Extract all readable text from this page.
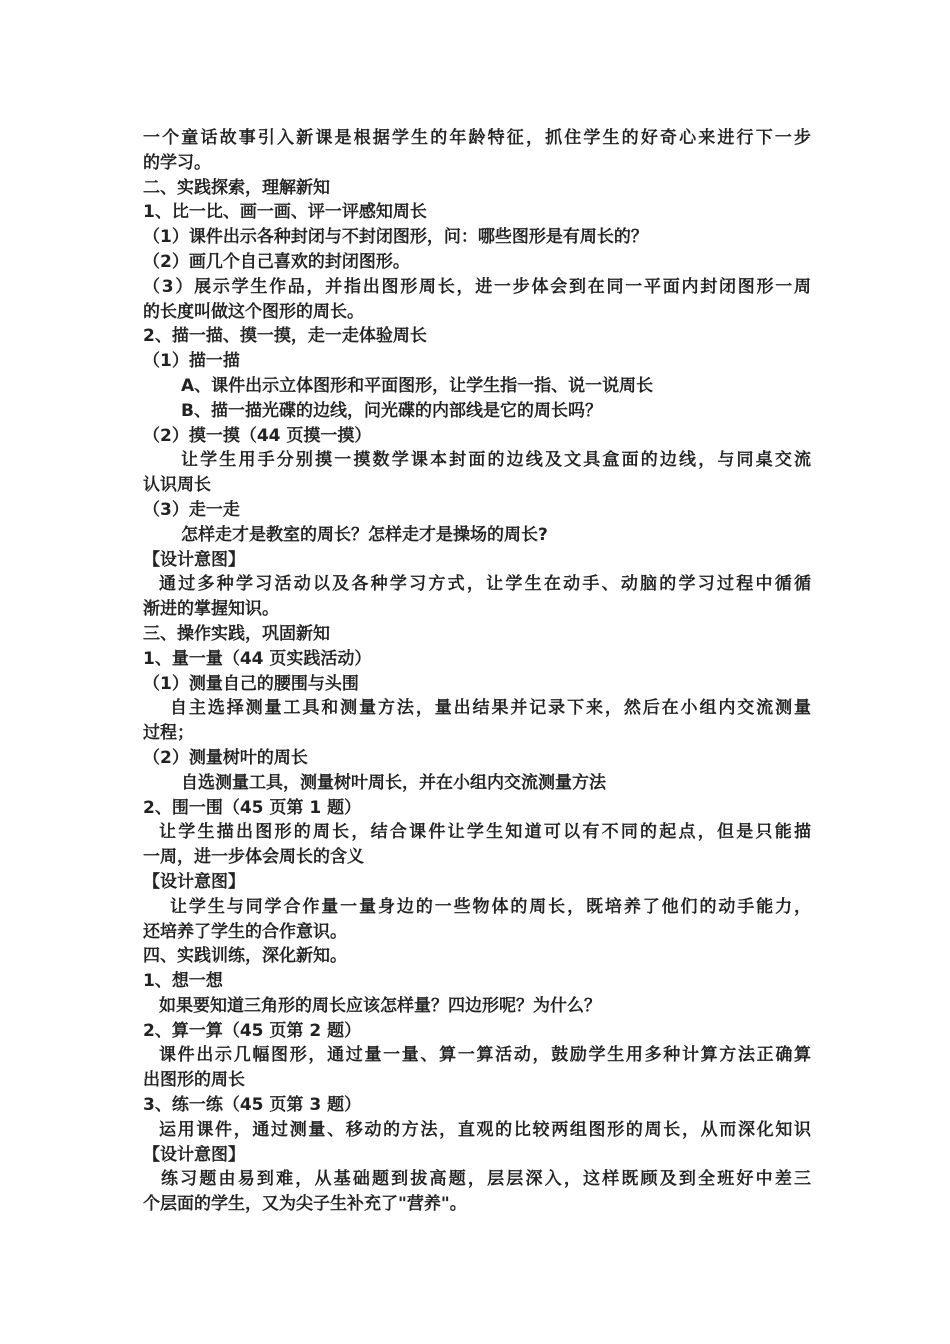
一个童话故事引入新课是根据学生的年龄特征，抓住学生的好奇心来进行下一步
的学习。
二、实践探索，理解新知
1、比一比、画一画、评一评感知周长
（1）课件出示各种封闭与不封闭图形，问：哪些图形是有周长的？
（2）画几个自己喜欢的封闭图形。
（3）展示学生作品，并指出图形周长，进一步体会到在同一平面内封闭图形一周
的长度叫做这个图形的周长。
2、描一描、摸一摸，走一走体验周长
（1）描一描
A、课件出示立体图形和平面图形，让学生指一指、说一说周长
B、描一描光碟的边线，问光碟的内部线是它的周长吗？
（2）摸一摸（44 页摸一摸）
让学生用手分别摸一摸数学课本封面的边线及文具盒面的边线，与同桌交流
认识周长
（3）走一走
怎样走才是教室的周长？怎样走才是操场的周长?
【设计意图】
通过多种学习活动以及各种学习方式，让学生在动手、动脑的学习过程中循循
渐进的掌握知识。
三、操作实践，巩固新知
1、量一量（44 页实践活动）
（1）测量自己的腰围与头围
自主选择测量工具和测量方法，量出结果并记录下来，然后在小组内交流测量
过程；
（2）测量树叶的周长
自选测量工具，测量树叶周长，并在小组内交流测量方法
2、围一围（45 页第 1 题）
让学生描出图形的周长，结合课件让学生知道可以有不同的起点，但是只能描
一周，进一步体会周长的含义
【设计意图】
让学生与同学合作量一量身边的一些物体的周长，既培养了他们的动手能力，
还培养了学生的合作意识。
四、实践训练，深化新知。
1、想一想
如果要知道三角形的周长应该怎样量？四边形呢？为什么？
2、算一算（45 页第 2 题）
课件出示几幅图形，通过量一量、算一算活动，鼓励学生用多种计算方法正确算
出图形的周长
3、练一练（45 页第 3 题）
运用课件，通过测量、移动的方法，直观的比较两组图形的周长，从而深化知识
【设计意图】
练习题由易到难，从基础题到拔高题，层层深入，这样既顾及到全班好中差三
个层面的学生，又为尖子生补充了"营养"。
